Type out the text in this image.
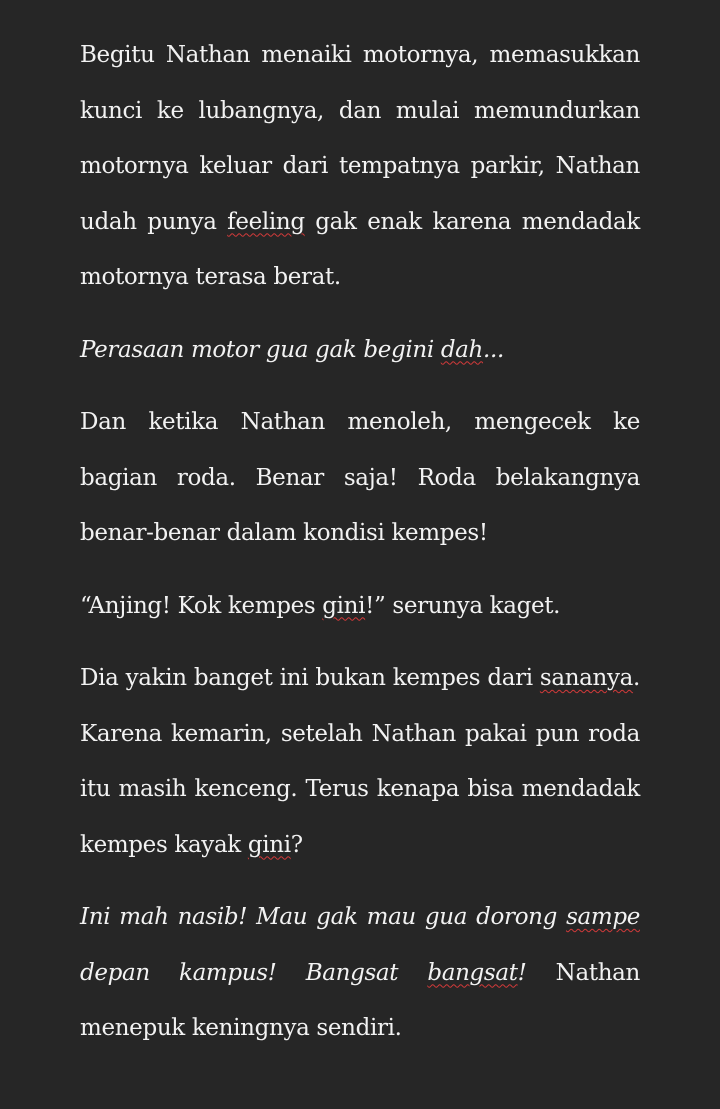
Begitu Nathan menaiki motornya, memasukkan kunci ke lubangnya, dan mulai memundurkan motornya keluar dari tempatnya parkir, Nathan udah punya feeling gak enak karena mendadak motornya terasa berat.

Perasaan motor gua gak begini dah...

Dan ketika Nathan menoleh, mengecek ke bagian roda. Benar saja! Roda belakangnya benar-benar dalam kondisi kempes!

“Anjing! Kok kempes gini!” serunya kaget.

Dia yakin banget ini bukan kempes dari sananya. Karena kemarin, setelah Nathan pakai pun roda itu masih kenceng. Terus kenapa bisa mendadak kempes kayak gini?

Ini mah nasib! Mau gak mau gua dorong sampe depan kampus! Bangsat bangsat! Nathan menepuk keningnya sendiri.
